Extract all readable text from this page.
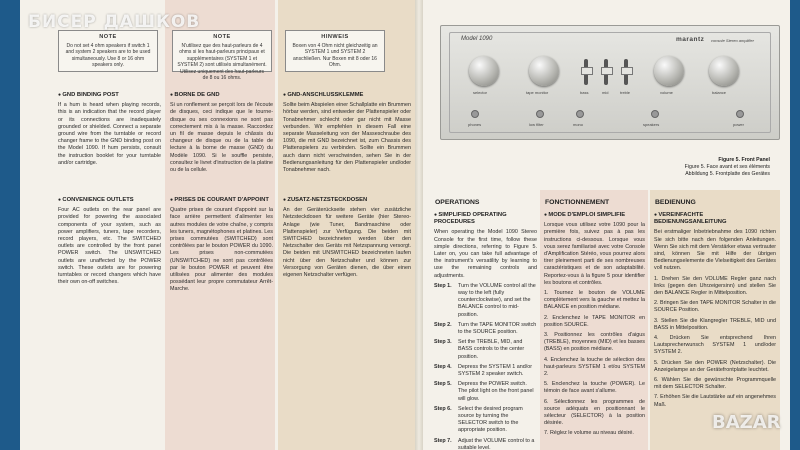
NOTE
Do not set 4 ohm speakers if switch 1 and system 2 speakers are to be used simultaneously. Use 8 or 16 ohm speakers only.
NOTE
N'utilisez que des haut-parleurs de 4 ohms si les haut-parleurs principaux et supplémentaires (SYSTEM 1 et SYSTEM 2) sont utilisés simultanément. Utilisez uniquement des haut-parleurs de 8 ou 16 ohms.
HINWEIS
Boxen von 4 Ohm nicht gleichzeitig an SYSTEM 1 und SYSTEM 2 anschließen. Nur Boxen mit 8 oder 16 Ohm.
● GND BINDING POST

If a hum is heard when playing records, this is an indication that the record player or its connections are inadequately grounded or shielded. Connect a separate ground wire from the turntable or record changer frame to the GND binding post on the Model 1090. If hum persists, consult the instruction booklet for your turntable and/or cartridge.

● BORNE DE GND

Si un ronflement se perçoit lors de l'écoute de disques, ceci indique que le tourne-disque ou ses connexions ne sont pas correctement mis à la masse. Raccordez un fil de masse depuis le châssis du changeur de disque ou de la table de lecture à la borne de masse (GND) du Modèle 1090. Si le souffle persiste, consultez le livret d'instruction de la platine ou de la cellule.

● GND-ANSCHLUSSKLEMME

Sollte beim Abspielen einer Schallplatte ein Brummen hörbar werden, sind entweder der Plattenspieler oder Tonabnehmer schlecht oder gar nicht mit Masse verbunden. Wir empfehlen in diesem Fall eine separate Masseleitung von der Masseschraube des 1090, die mit GND bezeichnet ist, zum Chassis des Plattenspielers zu verbinden. Sollte ein Brummen auch dann nicht verschwinden, sehen Sie in der Bedienungsanleitung für den Plattenspieler und/oder Tonabnehmer nach.

● CONVENIENCE OUTLETS

Four AC outlets on the rear panel are provided for powering the associated components of your system, such as power amplifiers, tuners, tape recorders, record players, etc. The SWITCHED outlets are controlled by the front panel POWER switch. The UNSWITCHED outlets are unaffected by the POWER switch. These outlets are for powering turntables or record changers which have their own on-off switches.

● PRISES DE COURANT D'APPOINT

Quatre prises de courant d'appoint sur la face arrière permettent d'alimenter les autres modules de votre chaîne, y compris les tuners, magnétophones et platines. Les prises commutées (SWITCHED) sont contrôlées par le bouton POWER du 1090. Les prises non-commutées (UNSWITCHED) ne sont pas contrôlées par le bouton POWER et peuvent être utilisées pour alimenter des modules possédant leur propre commutateur Arrêt-Marche.

● ZUSATZ-NETZSTECKDOSEN

An der Geräterückseite stehen vier zusätzliche Netzsteckdosen für weitere Geräte (hier Stereo-Anlage (wie Tuner, Bandmaschine oder Plattenspieler) zur Verfügung. Die beiden mit SWITCHED bezeichneten werden über den Netzschalter des Geräts mit Netzspannung versorgt. Die beiden mit UNSWITCHED bezeichneten laufen nicht über den Netzschalter und können zur Versorgung von Geräten dienen, die über einen eigenen Netzschalter verfügen.

Model 1090	marantz console Stereo amplifier
selector	tape monitor	volume	balance
bass	mid	treble
phones	low filter	mono	speakers	power
Figure 5. Front Panel
Figure 5. Face avant et ses éléments
Abbildung 5. Frontplatte des Gerätes
OPERATIONS	FONCTIONNEMENT	BEDIENUNG
● SIMPLIFIED OPERATING PROCEDURES

When operating the Model 1090 Stereo Console for the first time, follow these simple directions, referring to Figure 5. Later on, you can take full advantage of the instrument's versatility by learning to use the remaining controls and adjustments.

Step 1.	Turn the VOLUME control all the way to the left (fully counterclockwise), and set the BALANCE control to mid-position.
Step 2.	Turn the TAPE MONITOR switch to the SOURCE position.
Step 3.	Set the TREBLE, MID, and BASS controls to the center position.
Step 4.	Depress the SYSTEM 1 and/or SYSTEM 2 speaker switch.
Step 5.	Depress the POWER switch. The pilot light on the front panel will glow.
Step 6.	Select the desired program source by turning the SELECTOR switch to the appropriate position.
Step 7.	Adjust the VOLUME control to a suitable level.
● MODE D'EMPLOI SIMPLIFIE

Lorsque vous utilisez votre 1090 pour la première fois, suivez pas à pas les instructions ci-dessous. Lorsque vous vous serez familiarisé avec votre Console d'Amplification Stéréo, vous pourrez alors tirer pleinement parti de ses nombreuses caractéristiques et de son adaptabilité. Reportez-vous à la figure 5 pour identifier les boutons et contrôles.

1. Tournez le bouton de VOLUME complètement vers la gauche et mettez la BALANCE en position médiane.

2. Enclenchez le TAPE MONITOR en position SOURCE.

3. Positionnez les contrôles d'aigus (TREBLE), moyennes (MID) et les basses (BASS) en position médiane.

4. Enclenchez la touche de sélection des haut-parleurs SYSTEM 1 et/ou SYSTEM 2.

5. Enclenchez la touche (POWER). Le témoin de face avant s'allume.

6. Sélectionnez les programmes de source adéquats en positionnant le sélecteur (SELECTOR) à la position désirée.

7. Réglez le volume au niveau désiré.

● VEREINFACHTE BEDIENUNGSANLEITUNG

Bei erstmaliger Inbetriebnahme des 1090 richten Sie sich bitte nach den folgenden Anleitungen. Wenn Sie sich mit dem Verstärker etwas vertrauter sind, können Sie mit Hilfe der übrigen Bedienungselemente die Vielseitigkeit des Gerätes voll nutzen.

1. Drehen Sie den VOLUME Regler ganz nach links (gegen den Uhrzeigersinn) und stellen Sie den BALANCE Regler in Mittelposition.

2. Bringen Sie den TAPE MONITOR Schalter in die SOURCE Position.

3. Stellen Sie die Klangregler TREBLE, MID und BASS in Mittelposition.

4. Drücken Sie entsprechend Ihren Lautsprecherwunsch SYSTEM 1 und/oder SYSTEM 2.

5. Drücken Sie den POWER (Netzschalter). Die Anzeigelampe an der Gerätefrontplatte leuchtet.

6. Wählen Sie die gewünschte Programmquelle mit dem SELECTOR Schalter.

7. Erhöhen Sie die Lautstärke auf ein angenehmes Maß.

БИСЕР ДАШКОВ
BAZAR
